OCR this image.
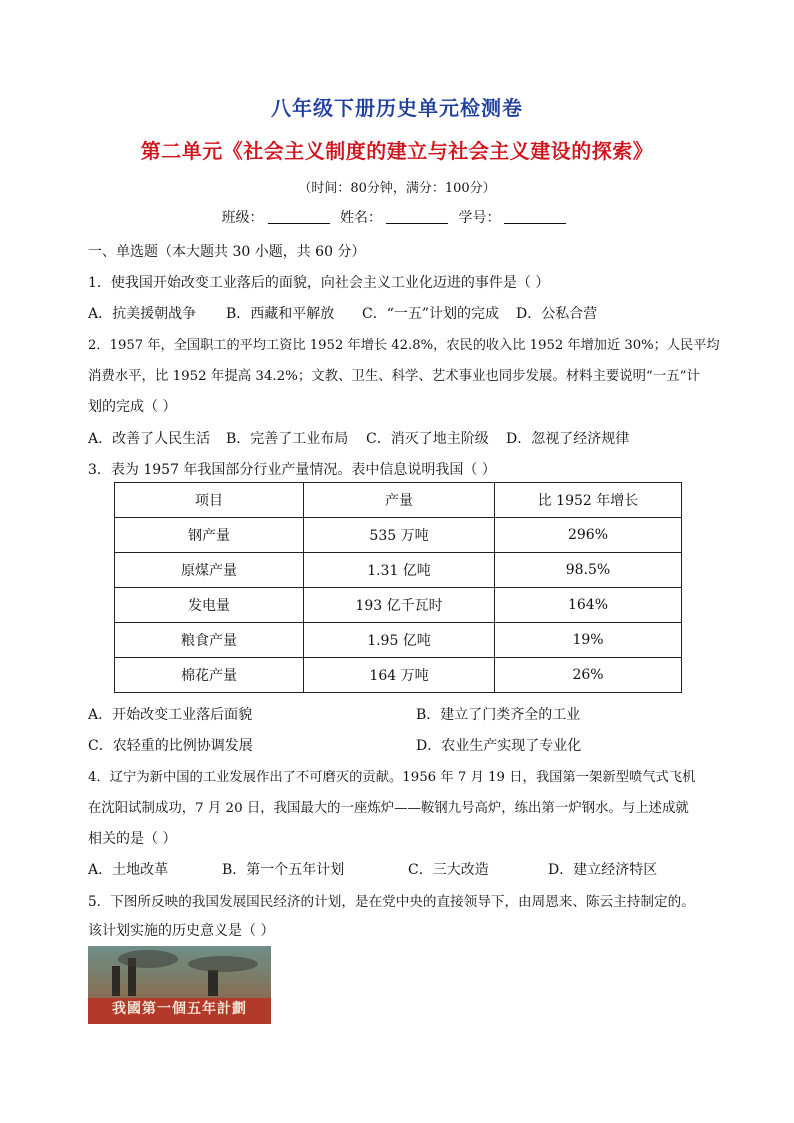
八年级下册历史单元检测卷
第二单元《社会主义制度的建立与社会主义建设的探索》
（时间：80分钟，满分：100分）
班级：	姓名：	学号：
一、单选题（本大题共 30 小题，共 60 分）
1．使我国开始改变工业落后的面貌，向社会主义工业化迈进的事件是（ ）
A．抗美援朝战争 B．西藏和平解放 C．“一五”计划的完成 D．公私合营
2．1957 年，全国职工的平均工资比 1952 年增长 42.8%，农民的收入比 1952 年增加近 30%；人民平均
消费水平，比 1952 年提高 34.2%；文教、卫生、科学、艺术事业也同步发展。材料主要说明“一五”计
划的完成（ ）
A．改善了人民生活 B．完善了工业布局 C．消灭了地主阶级 D．忽视了经济规律
3．表为 1957 年我国部分行业产量情况。表中信息说明我国（ ）
项目	产量	比 1952 年增长
钢产量	535 万吨	296%
原煤产量	1.31 亿吨	98.5%
发电量	193 亿千瓦时	164%
粮食产量	1.95 亿吨	19%
棉花产量	164 万吨	26%
A．开始改变工业落后面貌	B．建立了门类齐全的工业
C．农轻重的比例协调发展	D．农业生产实现了专业化
4．辽宁为新中国的工业发展作出了不可磨灭的贡献。1956 年 7 月 19 日，我国第一架新型喷气式飞机
在沈阳试制成功，7 月 20 日，我国最大的一座炼炉——鞍钢九号高炉，练出第一炉钢水。与上述成就
相关的是（ ）
A．土地改革	B．第一个五年计划	C．三大改造	D．建立经济特区
5．下图所反映的我国发展国民经济的计划，是在党中央的直接领导下，由周恩来、陈云主持制定的。
该计划实施的历史意义是（ ）
我國第一個五年計劃
